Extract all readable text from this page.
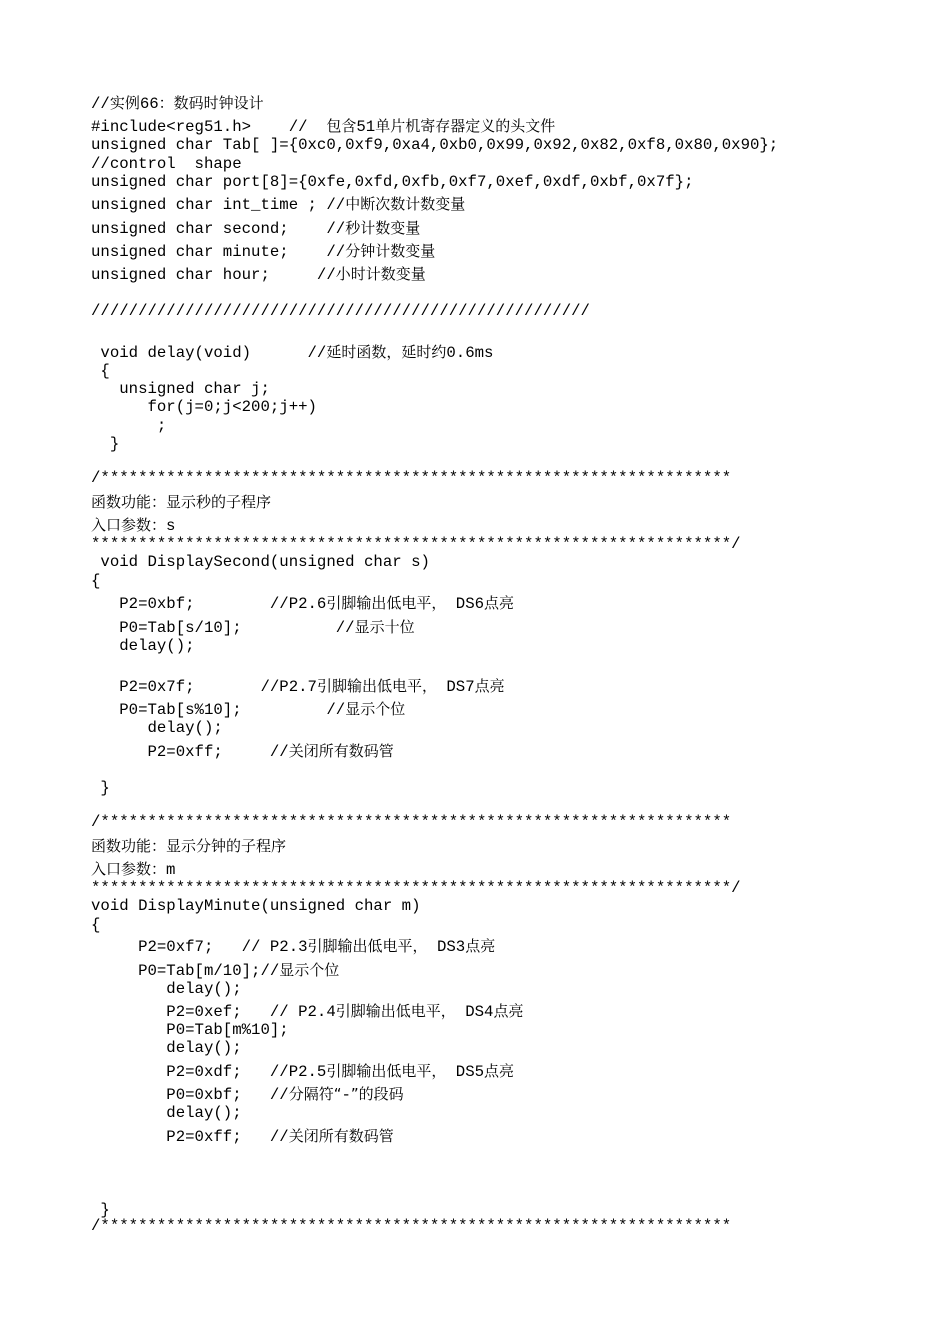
//实例66：数码时钟设计
#include<reg51.h>    //  包含51单片机寄存器定义的头文件
unsigned char Tab[ ]={0xc0,0xf9,0xa4,0xb0,0x99,0x92,0x82,0xf8,0x80,0x90};
//control  shape
unsigned char port[8]={0xfe,0xfd,0xfb,0xf7,0xef,0xdf,0xbf,0x7f};
unsigned char int_time ; //中断次数计数变量
unsigned char second;    //秒计数变量
unsigned char minute;    //分钟计数变量
unsigned char hour;     //小时计数变量
/////////////////////////////////////////////////////
void delay(void)      //延时函数，延时约0.6ms
{
unsigned char j;
for(j=0;j<200;j++)
;
}
/*******************************************************************
函数功能：显示秒的子程序
入口参数：s
********************************************************************/
void DisplaySecond(unsigned char s)
{
P2=0xbf;        //P2.6引脚输出低电平， DS6点亮
P0=Tab[s/10];          //显示十位
delay();
P2=0x7f;       //P2.7引脚输出低电平， DS7点亮
P0=Tab[s%10];         //显示个位
delay();
P2=0xff;     //关闭所有数码管
}
/*******************************************************************
函数功能：显示分钟的子程序
入口参数：m
********************************************************************/
void DisplayMinute(unsigned char m)
{
P2=0xf7;   // P2.3引脚输出低电平， DS3点亮
P0=Tab[m/10];//显示个位
delay();
P2=0xef;   // P2.4引脚输出低电平， DS4点亮
P0=Tab[m%10];
delay();
P2=0xdf;   //P2.5引脚输出低电平， DS5点亮
P0=0xbf;   //分隔符“-”的段码
delay();
P2=0xff;   //关闭所有数码管
}
/*******************************************************************
